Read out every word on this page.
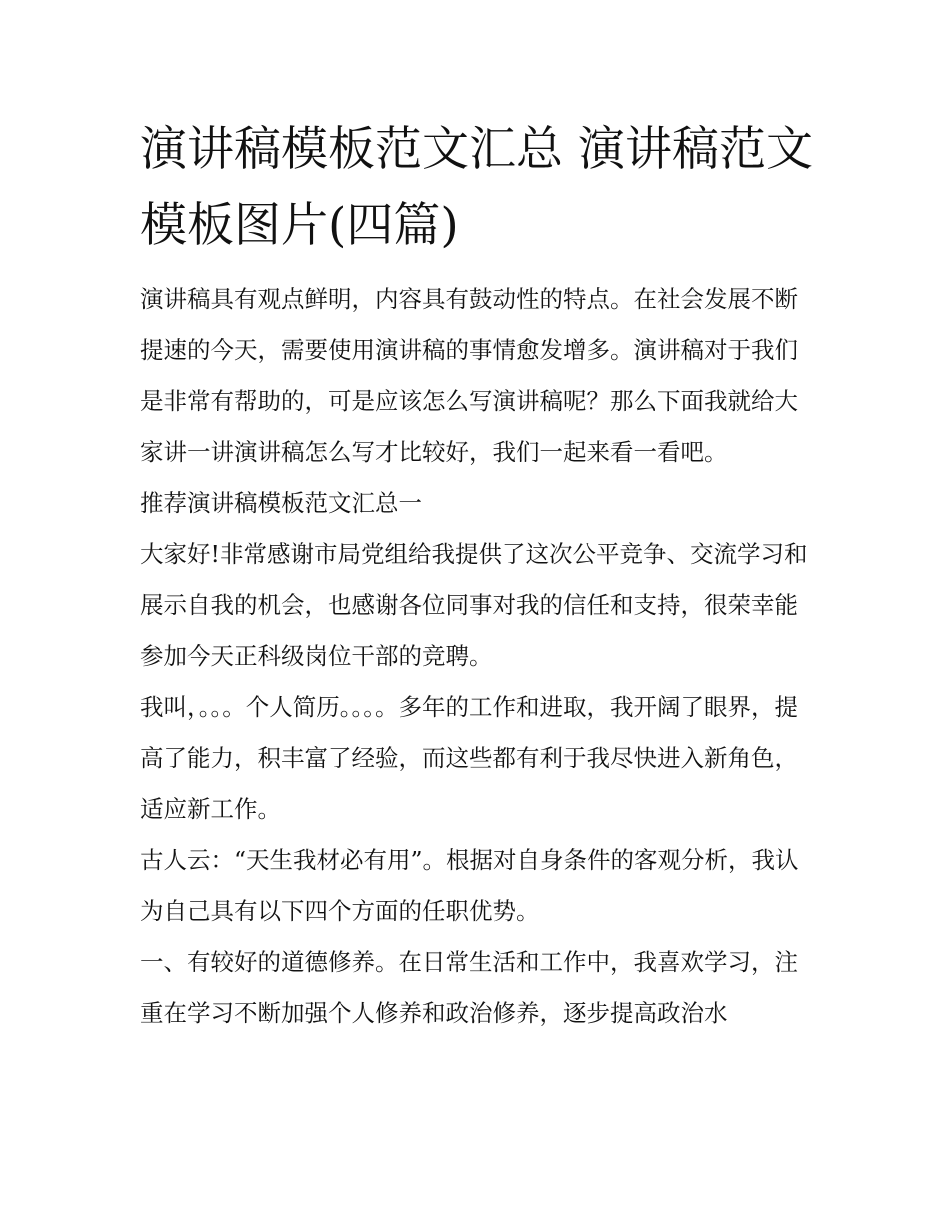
演讲稿模板范文汇总 演讲稿范文模板图片(四篇)

演讲稿具有观点鲜明，内容具有鼓动性的特点。在社会发展不断提速的今天，需要使用演讲稿的事情愈发增多。演讲稿对于我们是非常有帮助的，可是应该怎么写演讲稿呢？那么下面我就给大家讲一讲演讲稿怎么写才比较好，我们一起来看一看吧。

推荐演讲稿模板范文汇总一

大家好!非常感谢市局党组给我提供了这次公平竞争、交流学习和展示自我的机会，也感谢各位同事对我的信任和支持，很荣幸能参加今天正科级岗位干部的竞聘。

我叫，。。。个人简历。。。。多年的工作和进取，我开阔了眼界，提高了能力，积丰富了经验，而这些都有利于我尽快进入新角色，适应新工作。

古人云：“天生我材必有用”。根据对自身条件的客观分析，我认为自己具有以下四个方面的任职优势。

一、有较好的道德修养。在日常生活和工作中，我喜欢学习，注重在学习不断加强个人修养和政治修养，逐步提高政治水
